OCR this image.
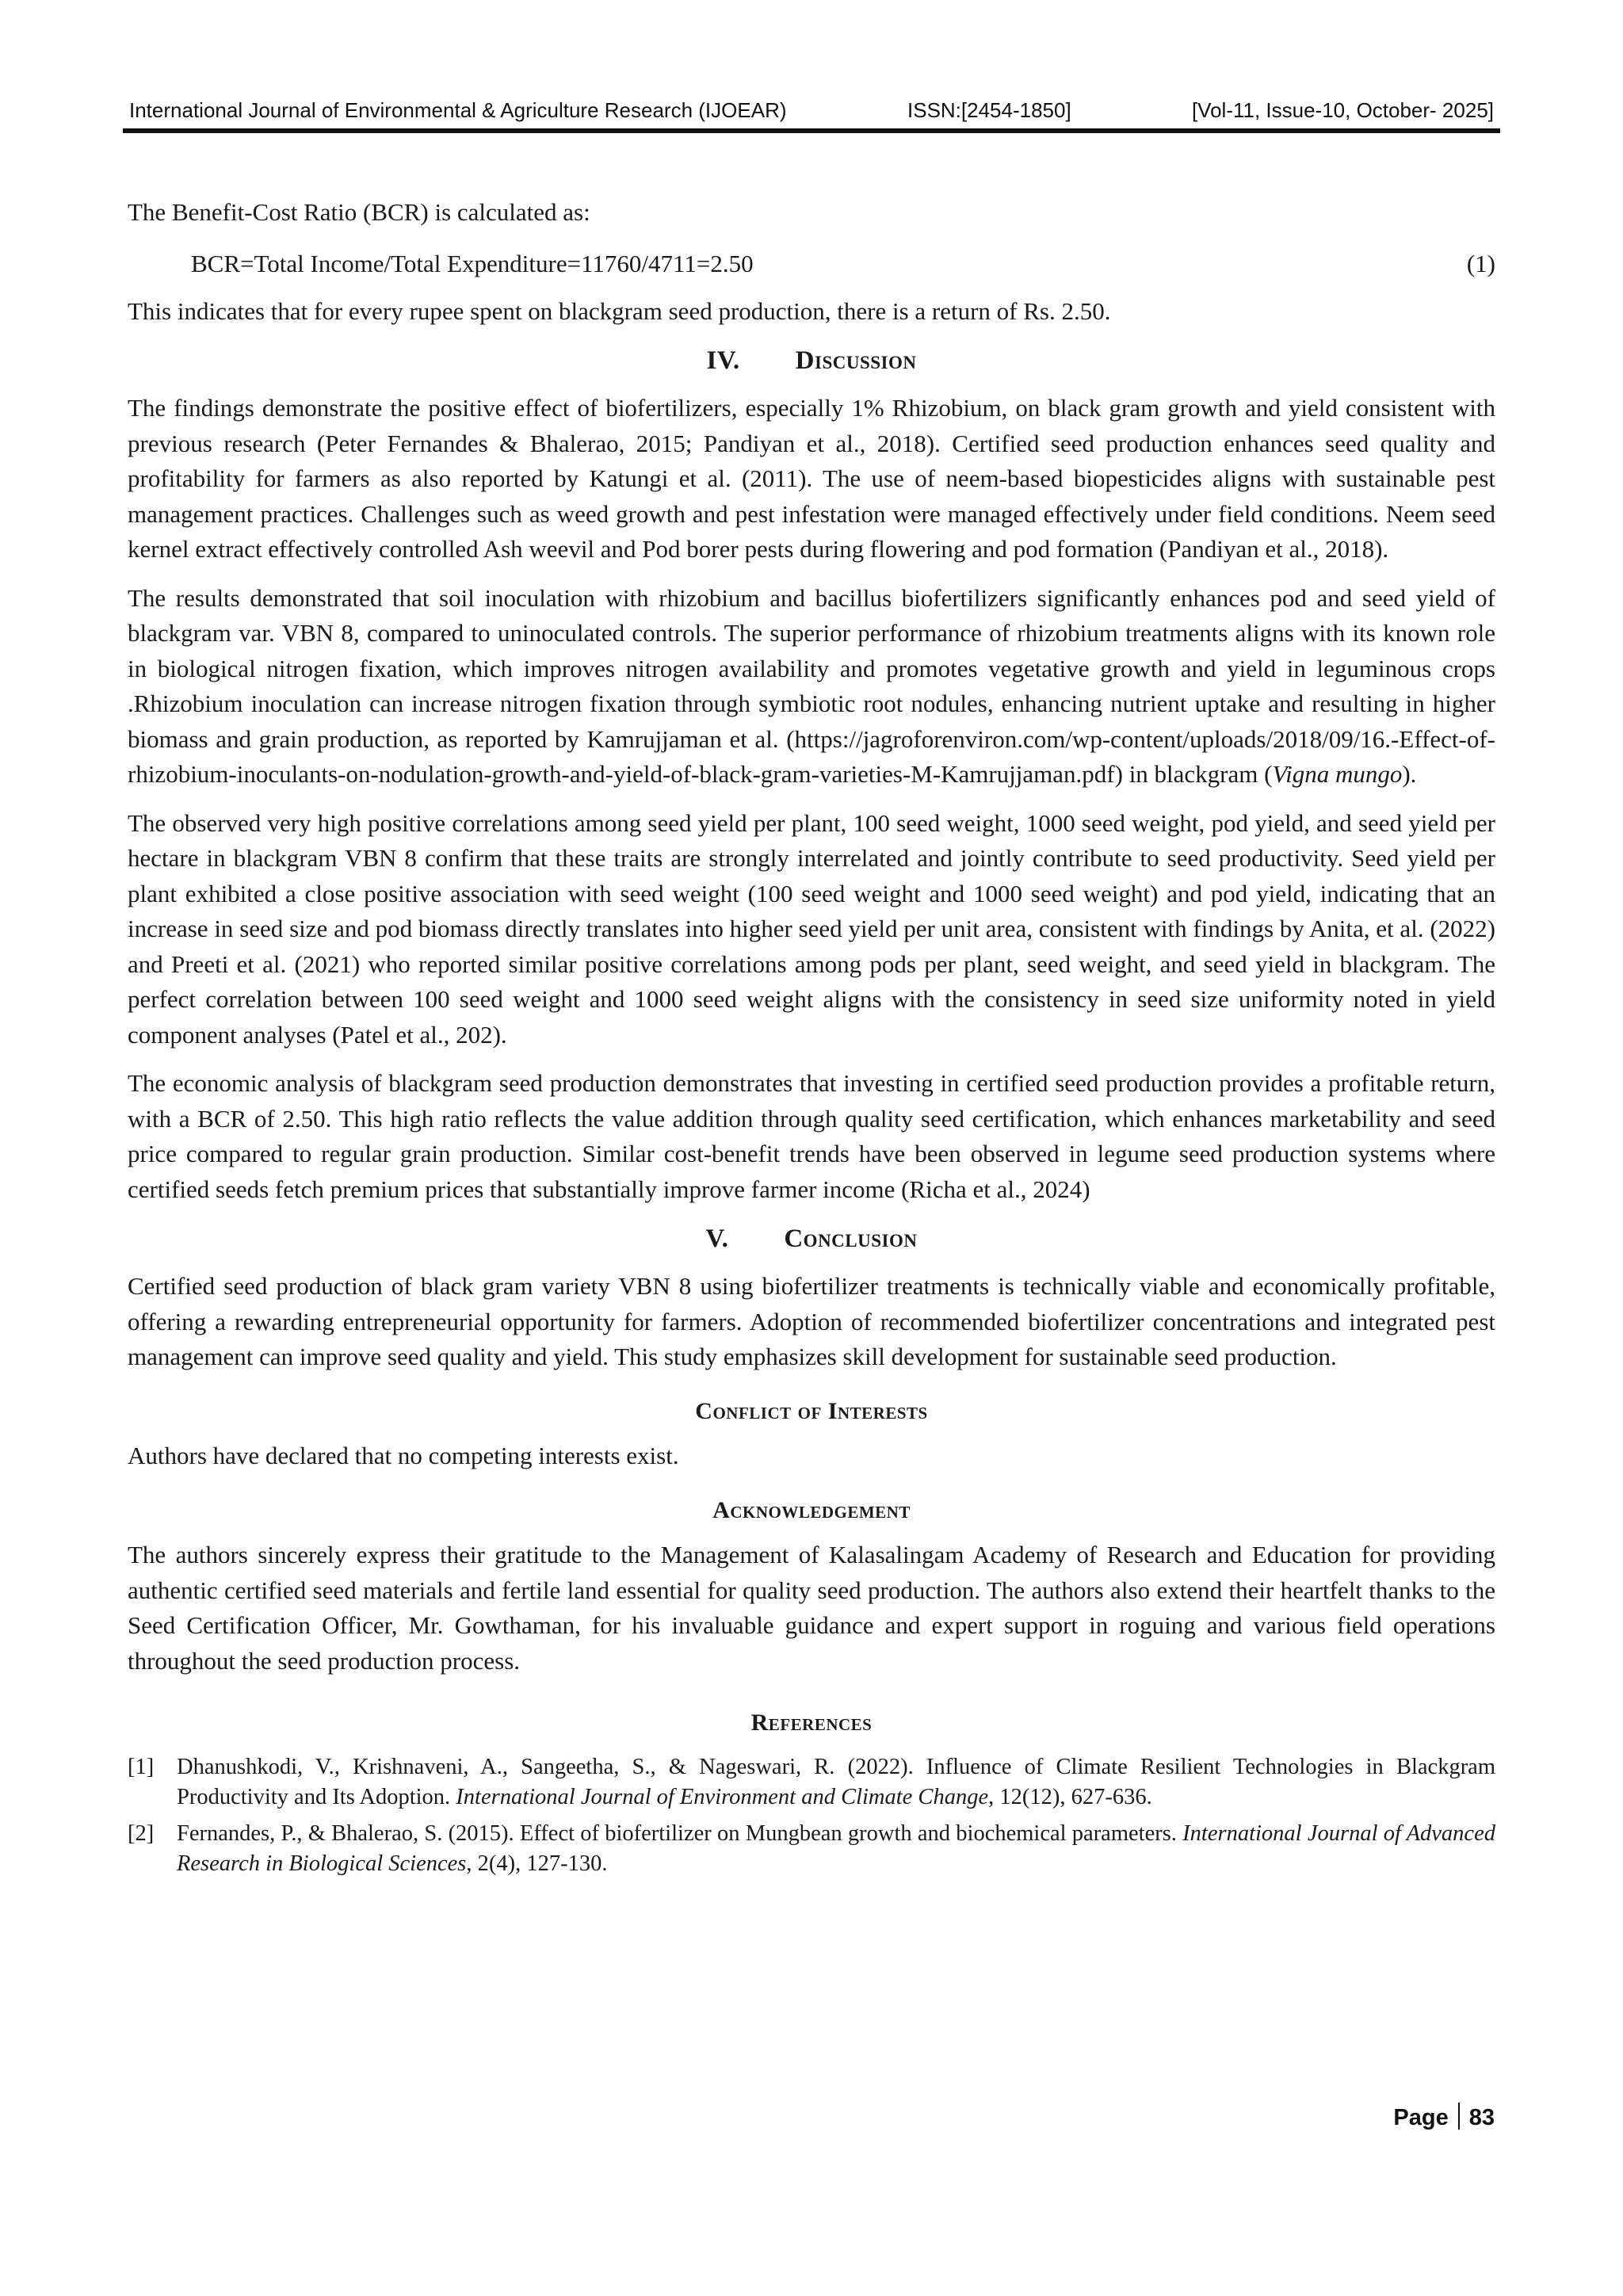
International Journal of Environmental & Agriculture Research (IJOEAR)	ISSN:[2454-1850]	[Vol-11, Issue-10, October- 2025]

The Benefit-Cost Ratio (BCR) is calculated as:

BCR=Total Income/Total Expenditure=11760/4711=2.50	(1)

This indicates that for every rupee spent on blackgram seed production, there is a return of Rs. 2.50.

IV. Discussion

The findings demonstrate the positive effect of biofertilizers, especially 1% Rhizobium, on black gram growth and yield consistent with previous research (Peter Fernandes & Bhalerao, 2015; Pandiyan et al., 2018). Certified seed production enhances seed quality and profitability for farmers as also reported by Katungi et al. (2011). The use of neem-based biopesticides aligns with sustainable pest management practices. Challenges such as weed growth and pest infestation were managed effectively under field conditions. Neem seed kernel extract effectively controlled Ash weevil and Pod borer pests during flowering and pod formation (Pandiyan et al., 2018).

The results demonstrated that soil inoculation with rhizobium and bacillus biofertilizers significantly enhances pod and seed yield of blackgram var. VBN 8, compared to uninoculated controls. The superior performance of rhizobium treatments aligns with its known role in biological nitrogen fixation, which improves nitrogen availability and promotes vegetative growth and yield in leguminous crops .Rhizobium inoculation can increase nitrogen fixation through symbiotic root nodules, enhancing nutrient uptake and resulting in higher biomass and grain production, as reported by Kamrujjaman et al. (https://jagroforenviron.com/wp-content/uploads/2018/09/16.-Effect-of-rhizobium-inoculants-on-nodulation-growth-and-yield-of-black-gram-varieties-M-Kamrujjaman.pdf) in blackgram (Vigna mungo).

The observed very high positive correlations among seed yield per plant, 100 seed weight, 1000 seed weight, pod yield, and seed yield per hectare in blackgram VBN 8 confirm that these traits are strongly interrelated and jointly contribute to seed productivity. Seed yield per plant exhibited a close positive association with seed weight (100 seed weight and 1000 seed weight) and pod yield, indicating that an increase in seed size and pod biomass directly translates into higher seed yield per unit area, consistent with findings by Anita, et al. (2022) and Preeti et al. (2021) who reported similar positive correlations among pods per plant, seed weight, and seed yield in blackgram. The perfect correlation between 100 seed weight and 1000 seed weight aligns with the consistency in seed size uniformity noted in yield component analyses (Patel et al., 202).

The economic analysis of blackgram seed production demonstrates that investing in certified seed production provides a profitable return, with a BCR of 2.50. This high ratio reflects the value addition through quality seed certification, which enhances marketability and seed price compared to regular grain production. Similar cost-benefit trends have been observed in legume seed production systems where certified seeds fetch premium prices that substantially improve farmer income (Richa et al., 2024)

V. Conclusion

Certified seed production of black gram variety VBN 8 using biofertilizer treatments is technically viable and economically profitable, offering a rewarding entrepreneurial opportunity for farmers. Adoption of recommended biofertilizer concentrations and integrated pest management can improve seed quality and yield. This study emphasizes skill development for sustainable seed production.

Conflict of Interests

Authors have declared that no competing interests exist.

Acknowledgement

The authors sincerely express their gratitude to the Management of Kalasalingam Academy of Research and Education for providing authentic certified seed materials and fertile land essential for quality seed production. The authors also extend their heartfelt thanks to the Seed Certification Officer, Mr. Gowthaman, for his invaluable guidance and expert support in roguing and various field operations throughout the seed production process.

References
[1] Dhanushkodi, V., Krishnaveni, A., Sangeetha, S., & Nageswari, R. (2022). Influence of Climate Resilient Technologies in Blackgram Productivity and Its Adoption. International Journal of Environment and Climate Change, 12(12), 627-636.
[2] Fernandes, P., & Bhalerao, S. (2015). Effect of biofertilizer on Mungbean growth and biochemical parameters. International Journal of Advanced Research in Biological Sciences, 2(4), 127-130.
Page 83
